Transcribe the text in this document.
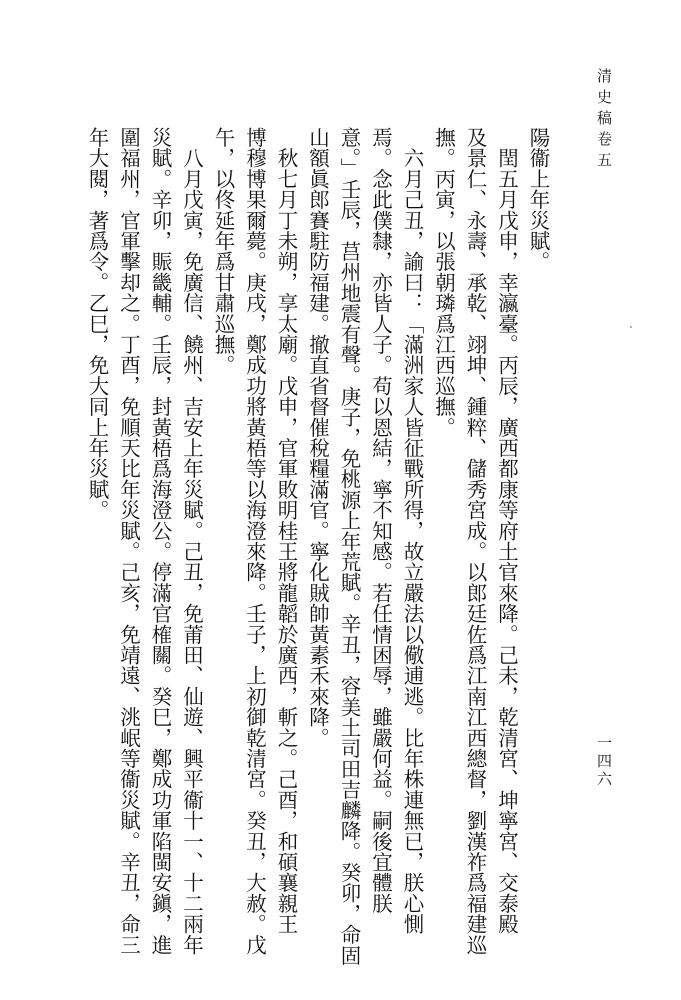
清史稿卷五
一四六
陽衞上年災賦。
　閏五月戊申，幸瀛臺。丙辰，廣西都康等府土官來降。己未，乾清宮、坤寧宮、交泰殿
及景仁、永壽、承乾、翊坤、鍾粹、儲秀宮成。以郎廷佐爲江南江西總督，劉漢祚爲福建巡
撫。丙寅，以張朝璘爲江西巡撫。
　六月己丑，諭曰：「滿洲家人皆征戰所得，故立嚴法以儆逋逃。比年株連無已，朕心惻
焉。念此僕隸，亦皆人子。苟以恩結，寧不知感。若任情困辱，雖嚴何益。嗣後宜體朕
意。」壬辰，莒州地震有聲。庚子，免桃源上年荒賦。辛丑，容美土司田吉麟降。癸卯，命固
山額眞郎賽駐防福建。撤直省督催稅糧滿官。寧化賊帥黃素禾來降。
　秋七月丁未朔，享太廟。戊申，官軍敗明桂王將龍韜於廣西，斬之。己酉，和碩襄親王
博穆博果爾薨。庚戌，鄭成功將黃梧等以海澄來降。壬子，上初御乾清宮。癸丑，大赦。戊
午，以佟延年爲甘肅巡撫。
　八月戊寅，免廣信、饒州、吉安上年災賦。己丑，免莆田、仙遊、興平衞十一、十二兩年
災賦。辛卯，賑畿輔。壬辰，封黃梧爲海澄公。停滿官榷關。癸巳，鄭成功軍陷閩安鎭，進
圍福州，官軍擊却之。丁酉，免順天比年災賦。己亥，免靖遠、洮岷等衞災賦。辛丑，命三
年大閱，著爲令。乙巳，免大同上年災賦。
